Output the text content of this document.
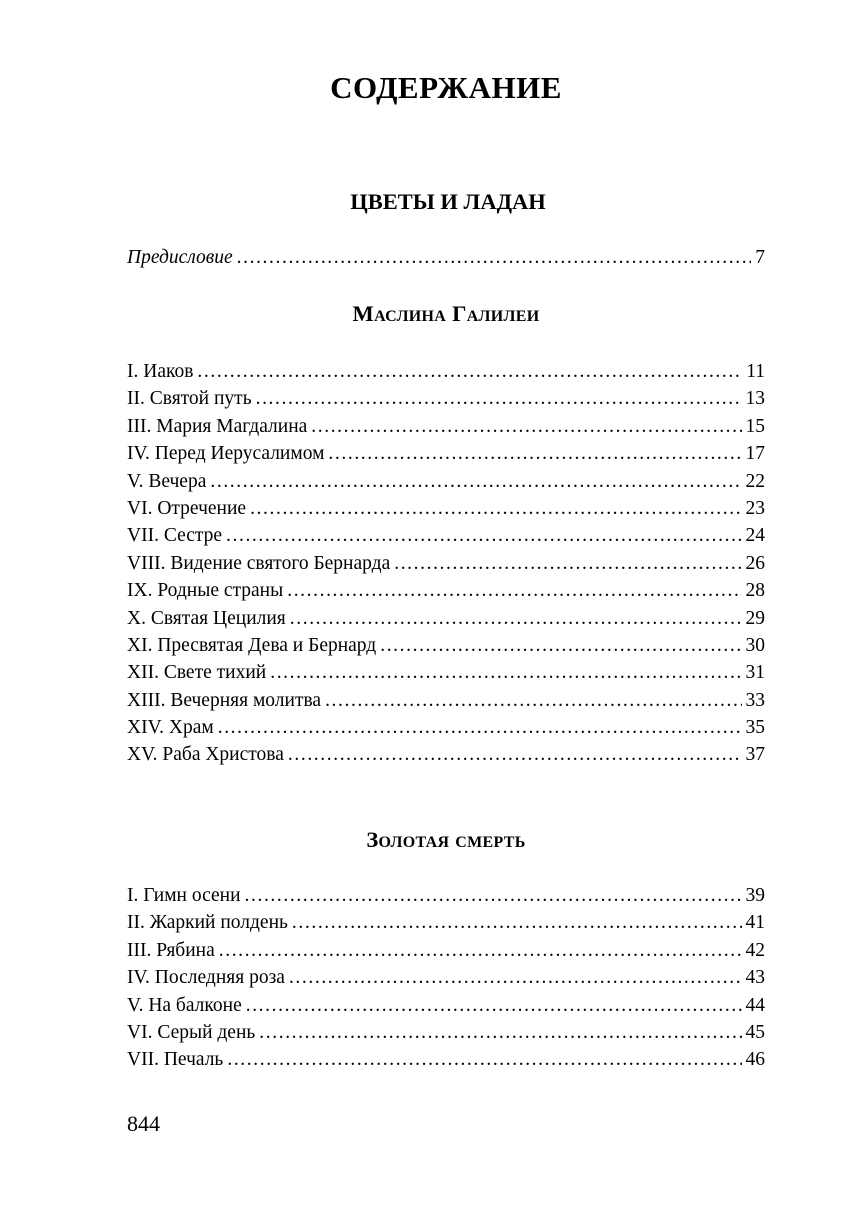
СОДЕРЖАНИЕ
ЦВЕТЫ И ЛАДАН
Предисловие .....	7
Маслина Галилеи
I. Иаков .....	11
II. Святой путь .....	13
III. Мария Магдалина .....	15
IV. Перед Иерусалимом .....	17
V. Вечера .....	22
VI. Отречение .....	23
VII. Сестре .....	24
VIII. Видение святого Бернарда .....	26
IX. Родные страны .....	28
X. Святая Цецилия .....	29
XI. Пресвятая Дева и Бернард .....	30
XII. Свете тихий .....	31
XIII. Вечерняя молитва .....	33
XIV. Храм .....	35
XV. Раба Христова .....	37
Золотая смерть
I. Гимн осени .....	39
II. Жаркий полдень .....	41
III. Рябина .....	42
IV. Последняя роза .....	43
V. На балконе .....	44
VI. Серый день .....	45
VII. Печаль .....	46
844
